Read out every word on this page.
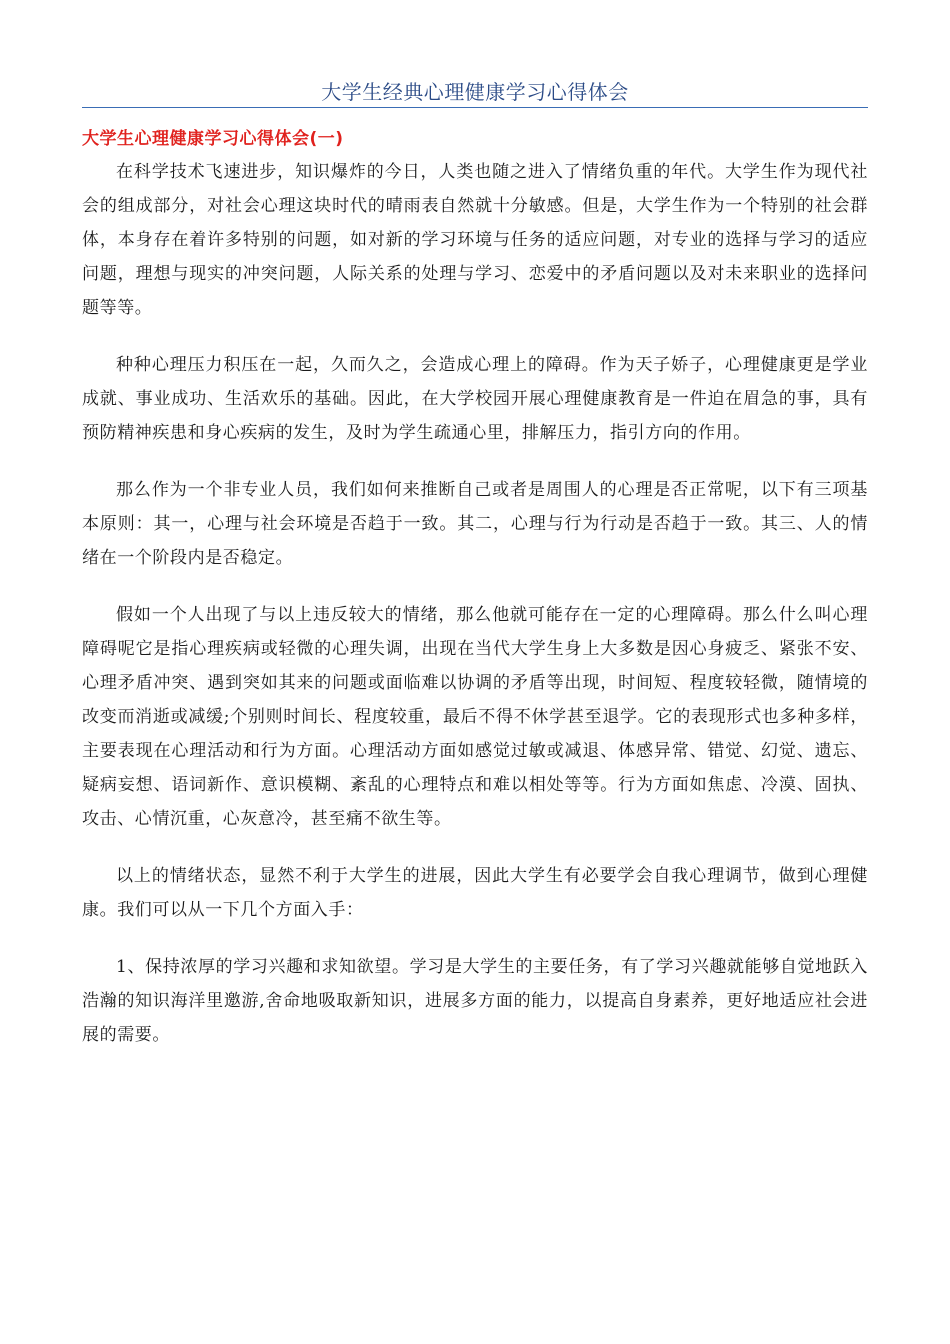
大学生经典心理健康学习心得体会
大学生心理健康学习心得体会(一)

在科学技术飞速进步，知识爆炸的今日，人类也随之进入了情绪负重的年代。大学生作为现代社会的组成部分，对社会心理这块时代的晴雨表自然就十分敏感。但是，大学生作为一个特别的社会群体，本身存在着许多特别的问题，如对新的学习环境与任务的适应问题，对专业的选择与学习的适应问题，理想与现实的冲突问题，人际关系的处理与学习、恋爱中的矛盾问题以及对未来职业的选择问题等等。

种种心理压力积压在一起，久而久之，会造成心理上的障碍。作为天子娇子，心理健康更是学业成就、事业成功、生活欢乐的基础。因此，在大学校园开展心理健康教育是一件迫在眉急的事，具有预防精神疾患和身心疾病的发生，及时为学生疏通心里，排解压力，指引方向的作用。

那么作为一个非专业人员，我们如何来推断自己或者是周围人的心理是否正常呢，以下有三项基本原则：其一，心理与社会环境是否趋于一致。其二，心理与行为行动是否趋于一致。其三、人的情绪在一个阶段内是否稳定。

假如一个人出现了与以上违反较大的情绪，那么他就可能存在一定的心理障碍。那么什么叫心理障碍呢它是指心理疾病或轻微的心理失调，出现在当代大学生身上大多数是因心身疲乏、紧张不安、心理矛盾冲突、遇到突如其来的问题或面临难以协调的矛盾等出现，时间短、程度较轻微，随情境的改变而消逝或减缓;个别则时间长、程度较重，最后不得不休学甚至退学。它的表现形式也多种多样，主要表现在心理活动和行为方面。心理活动方面如感觉过敏或减退、体感异常、错觉、幻觉、遗忘、疑病妄想、语词新作、意识模糊、紊乱的心理特点和难以相处等等。行为方面如焦虑、冷漠、固执、攻击、心情沉重，心灰意冷，甚至痛不欲生等。

以上的情绪状态，显然不利于大学生的进展，因此大学生有必要学会自我心理调节，做到心理健康。我们可以从一下几个方面入手：

1、保持浓厚的学习兴趣和求知欲望。学习是大学生的主要任务，有了学习兴趣就能够自觉地跃入浩瀚的知识海洋里邀游,舍命地吸取新知识，进展多方面的能力，以提高自身素养，更好地适应社会进展的需要。
